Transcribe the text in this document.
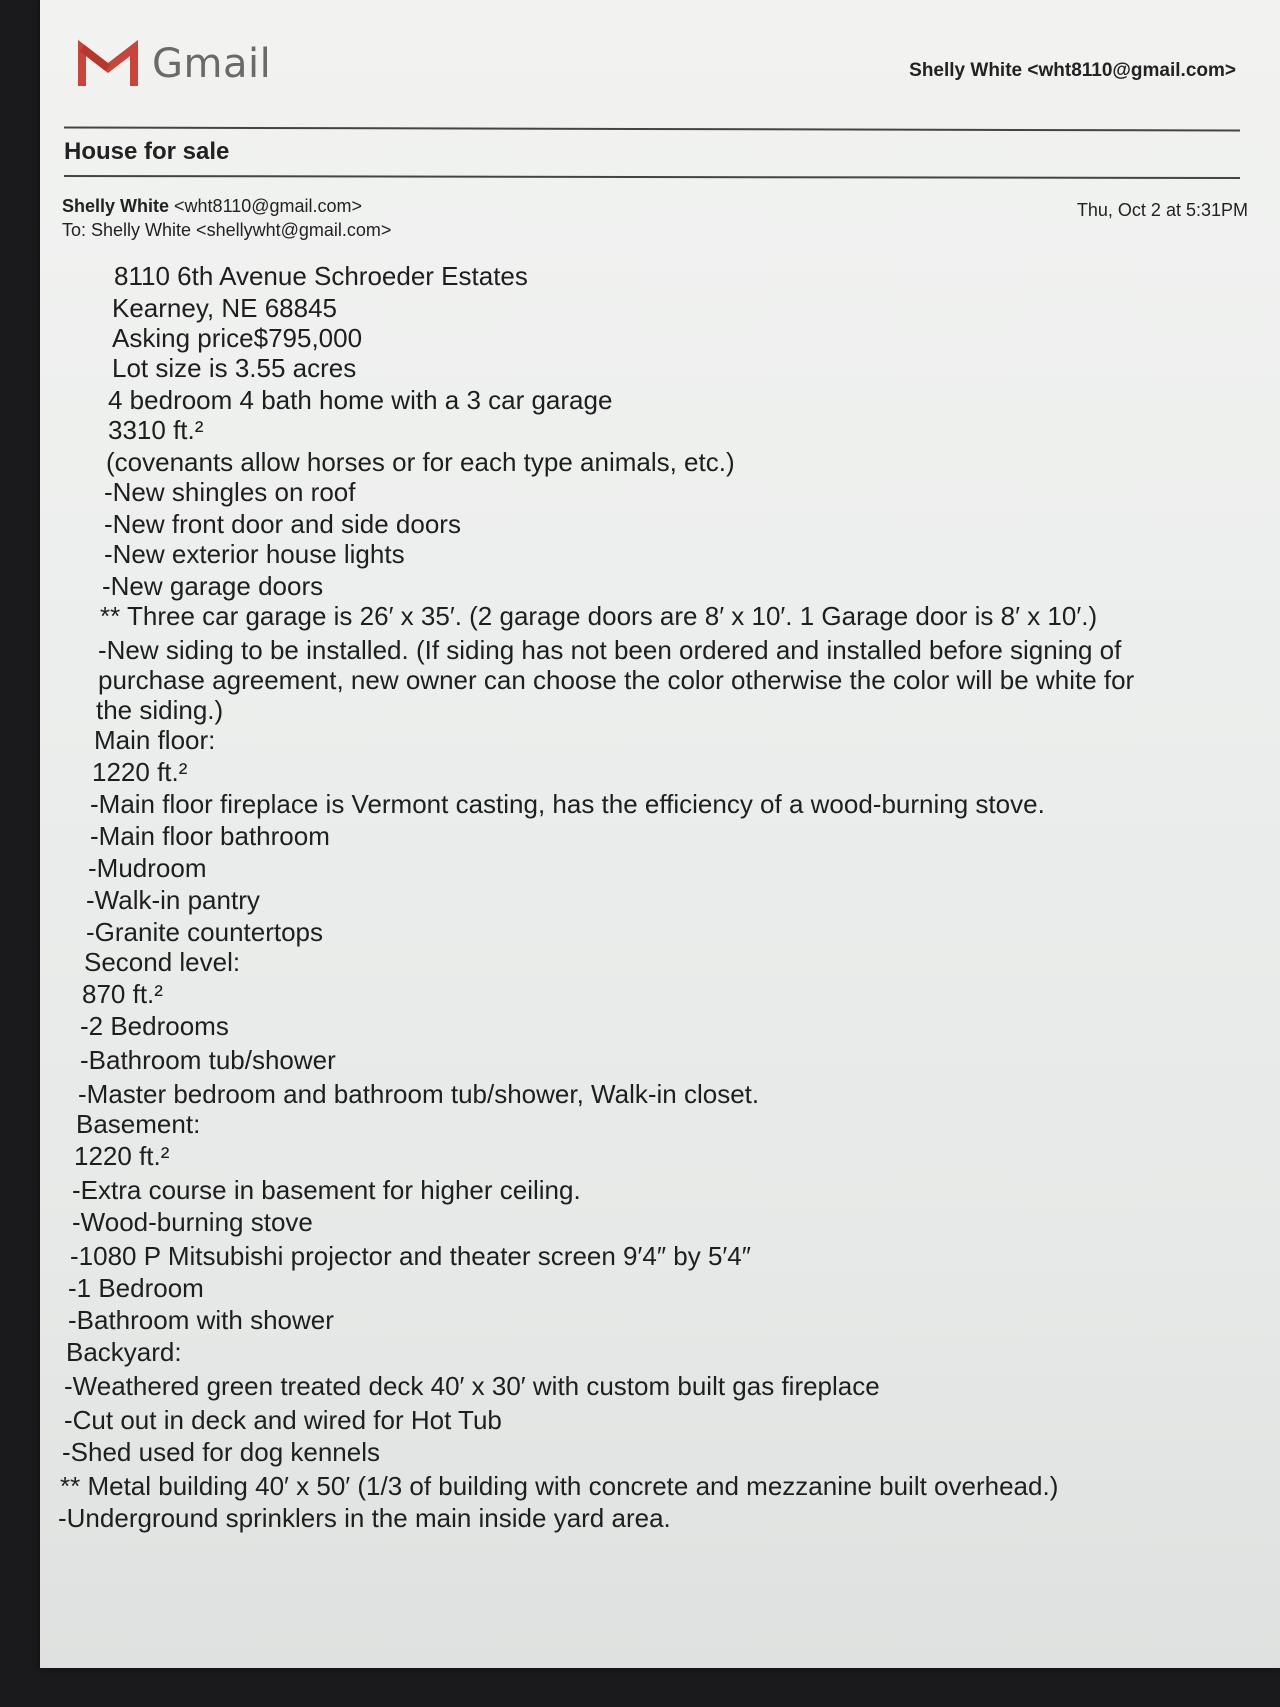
Gmail	Shelly White <wht8110@gmail.com>
House for sale
Shelly White <wht8110@gmail.com>
To: Shelly White <shellywht@gmail.com>
Thu, Oct 2 at 5:31PM
8110 6th Avenue Schroeder Estates
Kearney, NE 68845
Asking price$795,000
Lot size is 3.55 acres
4 bedroom 4 bath home with a 3 car garage
3310 ft.²
(covenants allow horses or for each type animals, etc.)
-New shingles on roof
-New front door and side doors
-New exterior house lights
-New garage doors
** Three car garage is 26′ x 35′. (2 garage doors are 8′ x 10′. 1 Garage door is 8′ x 10′.)
-New siding to be installed. (If siding has not been ordered and installed before signing of
purchase agreement, new owner can choose the color otherwise the color will be white for
the siding.)
Main floor:
1220 ft.²
-Main floor fireplace is Vermont casting, has the efficiency of a wood-burning stove.
-Main floor bathroom
-Mudroom
-Walk-in pantry
-Granite countertops
Second level:
870 ft.²
-2 Bedrooms
-Bathroom tub/shower
-Master bedroom and bathroom tub/shower, Walk-in closet.
Basement:
1220 ft.²
-Extra course in basement for higher ceiling.
-Wood-burning stove
-1080 P Mitsubishi projector and theater screen 9′4″ by 5′4″
-1 Bedroom
-Bathroom with shower
Backyard:
-Weathered green treated deck 40′ x 30′ with custom built gas fireplace
-Cut out in deck and wired for Hot Tub
-Shed used for dog kennels
** Metal building 40′ x 50′ (1/3 of building with concrete and mezzanine built overhead.)
-Underground sprinklers in the main inside yard area.
